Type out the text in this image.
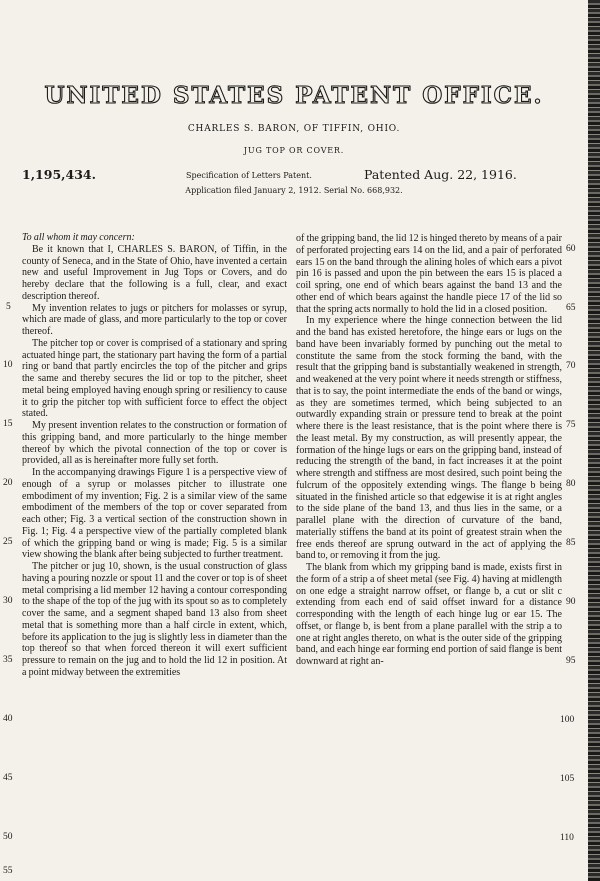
UNITED STATES PATENT OFFICE.
CHARLES S. BARON, OF TIFFIN, OHIO.
JUG TOP OR COVER.
1,195,434.	Specification of Letters Patent.	Patented Aug. 22, 1916.
Application filed January 2, 1912. Serial No. 668,932.

To all whom it may concern:

Be it known that I, CHARLES S. BARON, of Tiffin, in the county of Seneca, and in the State of Ohio, have invented a certain new and useful Improvement in Jug Tops or Covers, and do hereby declare that the following is a full, clear, and exact description thereof.

My invention relates to jugs or pitchers for molasses or syrup, which are made of glass, and more particularly to the top or cover thereof.

The pitcher top or cover is comprised of a stationary and spring actuated hinge part, the stationary part having the form of a partial ring or band that partly encircles the top of the pitcher and grips the same and thereby secures the lid or top to the pitcher, sheet metal being employed having enough spring or resiliency to cause it to grip the pitcher top with sufficient force to effect the object stated.

My present invention relates to the construction or formation of this gripping band, and more particularly to the hinge member thereof by which the pivotal connection of the top or cover is provided, all as is hereinafter more fully set forth.

In the accompanying drawings Figure 1 is a perspective view of enough of a syrup or molasses pitcher to illustrate one embodiment of my invention; Fig. 2 is a similar view of the same embodiment of the members of the top or cover separated from each other; Fig. 3 a vertical section of the construction shown in Fig. 1; Fig. 4 a perspective view of the partially completed blank of which the gripping band or wing is made; Fig. 5 is a similar view showing the blank after being subjected to further treatment.

The pitcher or jug 10, shown, is the usual construction of glass having a pouring nozzle or spout 11 and the cover or top is of sheet metal comprising a lid member 12 having a contour corresponding to the shape of the top of the jug with its spout so as to completely cover the same, and a segment shaped band 13 also from sheet metal that is something more than a half circle in extent, which, before its application to the jug is slightly less in diameter than the top thereof so that when forced thereon it will exert sufficient pressure to remain on the jug and to hold the lid 12 in position. At a point midway between the extremities

of the gripping band, the lid 12 is hinged thereto by means of a pair of perforated projecting ears 14 on the lid, and a pair of perforated ears 15 on the band through the alining holes of which ears a pivot pin 16 is passed and upon the pin between the ears 15 is placed a coil spring, one end of which bears against the band 13 and the other end of which bears against the handle piece 17 of the lid so that the spring acts normally to hold the lid in a closed position.

In my experience where the hinge connection between the lid and the band has existed heretofore, the hinge ears or lugs on the band have been invariably formed by punching out the metal to constitute the same from the stock forming the band, with the result that the gripping band is substantially weakened in strength, and weakened at the very point where it needs strength or stiffness, that is to say, the point intermediate the ends of the band or wings, as they are sometimes termed, which being subjected to an outwardly expanding strain or pressure tend to break at the point where there is the least resistance, that is the point where there is the least metal. By my construction, as will presently appear, the formation of the hinge lugs or ears on the gripping band, instead of reducing the strength of the band, in fact increases it at the point where strength and stiffness are most desired, such point being the fulcrum of the oppositely extending wings. The flange b being situated in the finished article so that edgewise it is at right angles to the side plane of the band 13, and thus lies in the same, or a parallel plane with the direction of curvature of the band, materially stiffens the band at its point of greatest strain when the free ends thereof are sprung outward in the act of applying the band to, or removing it from the jug.

The blank from which my gripping band is made, exists first in the form of a strip a of sheet metal (see Fig. 4) having at midlength on one edge a straight narrow offset, or flange b, a cut or slit c extending from each end of said offset inward for a distance corresponding with the length of each hinge lug or ear 15. The offset, or flange b, is bent from a plane parallel with the strip a to one at right angles thereto, on what is the outer side of the gripping band, and each hinge ear forming end portion of said flange is bent downward at right an-

5
10
15
20
25
30
35
40
45
50
55
60
65
70
75
80
85
90
95
100
105
110
